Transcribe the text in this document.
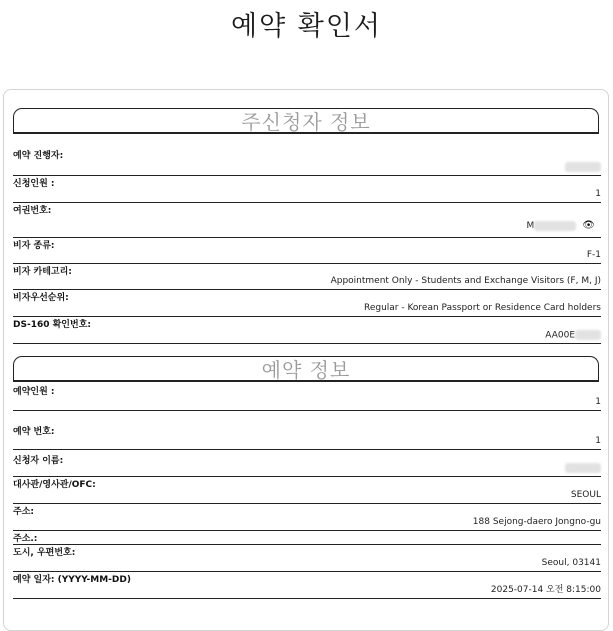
예약 확인서
주신청자 정보
예약 진행자:
신청인원 :
1
여권번호:
M	👁
비자 종류:
F-1
비자 카테고리:
Appointment Only - Students and Exchange Visitors (F, M, J)
비자우선순위:
Regular - Korean Passport or Residence Card holders
DS-160 확인번호:
AA00E
예약 정보
예약인원 :
1
예약 번호:
1
신청자 이름:
대사관/영사관/OFC:
SEOUL
주소:
188 Sejong-daero Jongno-gu
주소.:
도시, 우편번호:
Seoul, 03141
예약 일자: (YYYY-MM-DD)
2025-07-14 오전 8:15:00
